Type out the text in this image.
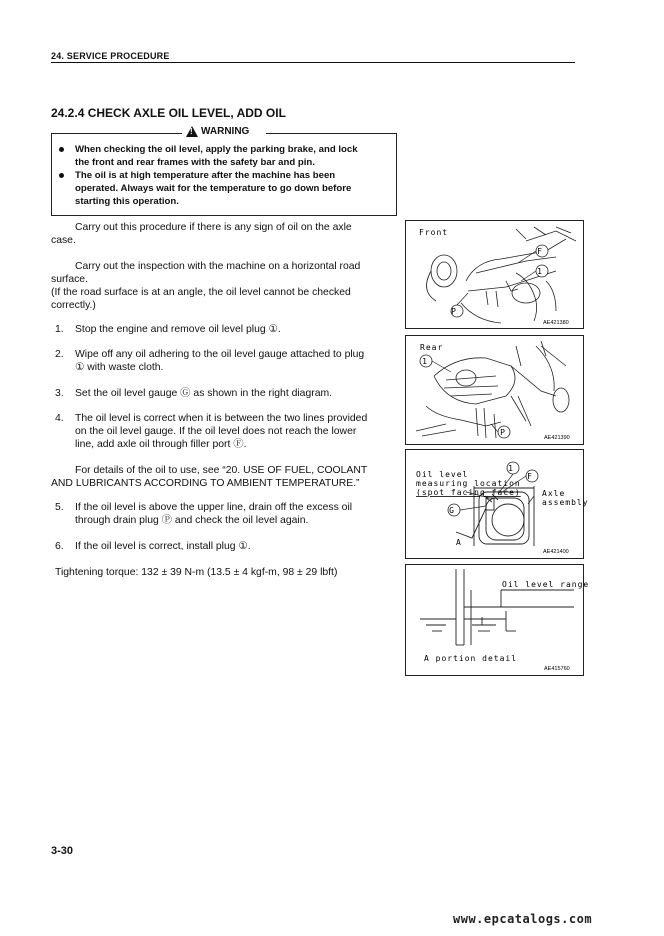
24. SERVICE PROCEDURE
24.2.4 CHECK AXLE OIL LEVEL, ADD OIL
!
WARNING
When checking the oil level, apply the parking brake, and lock
the front and rear frames with the safety bar and pin.
The oil is at high temperature after the machine has been
operated. Always wait for the temperature to go down before
starting this operation.
Carry out this procedure if there is any sign of oil on the axle
case.
Carry out the inspection with the machine on a horizontal road
surface.
(If the road surface is at an angle, the oil level cannot be checked
correctly.)
1. Stop the engine and remove oil level plug ①.
2. Wipe off any oil adhering to the oil level gauge attached to plug
① with waste cloth.
3. Set the oil level gauge Ⓖ as shown in the right diagram.
4. The oil level is correct when it is between the two lines provided
on the oil level gauge. If the oil level does not reach the lower
line, add axle oil through filler port Ⓕ.
For details of the oil to use, see “20. USE OF FUEL, COOLANT
AND LUBRICANTS ACCORDING TO AMBIENT TEMPERATURE.”
5. If the oil level is above the upper line, drain off the excess oil
through drain plug Ⓟ and check the oil level again.
6. If the oil level is correct, install plug ①.
Tightening torque: 132 ± 39 N-m (13.5 ± 4 kgf-m, 98 ± 29 lbft)
P
1
F
Front
AE421380
1
P
Rear
AE421390
1
F
G
Oil level
measuring location
(spot facing face)	Axle
assembly
A
AE421400
Oil level range
A portion detail
AE415760
3-30
www.epcatalogs.com
